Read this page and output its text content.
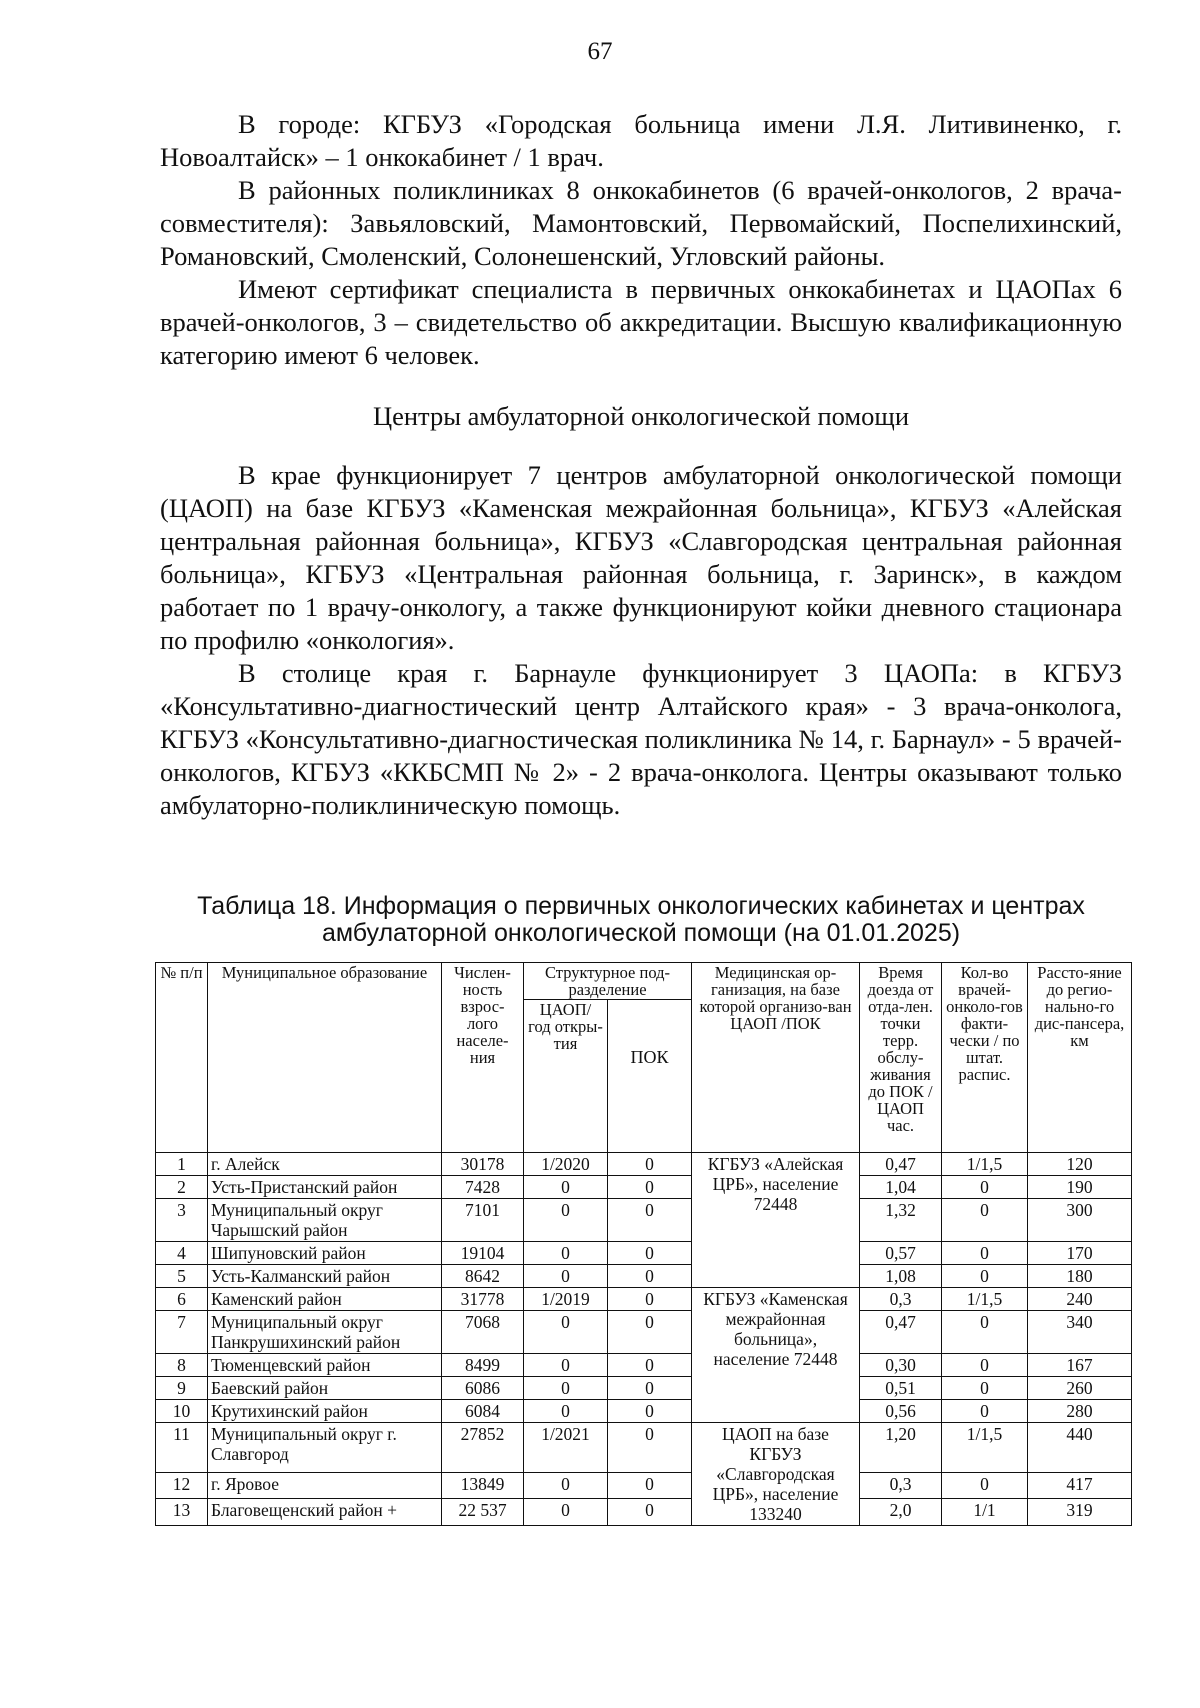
67

В городе: КГБУЗ «Городская больница имени Л.Я. Литивиненко, г. Новоалтайск» – 1 онкокабинет / 1 врач.

В районных поликлиниках 8 онкокабинетов (6 врачей-онкологов, 2 врача-совместителя): Завьяловский, Мамонтовский, Первомайский, Поспелихинский, Романовский, Смоленский, Солонешенский, Угловский районы.

Имеют сертификат специалиста в первичных онкокабинетах и ЦАОПах 6 врачей-онкологов, 3 – свидетельство об аккредитации. Высшую квалификационную категорию имеют 6 человек.

Центры амбулаторной онкологической помощи

В крае функционирует 7 центров амбулаторной онкологической помощи (ЦАОП) на базе КГБУЗ «Каменская межрайонная больница», КГБУЗ «Алейская центральная районная больница», КГБУЗ «Славгородская центральная районная больница», КГБУЗ «Центральная районная больница, г. Заринск», в каждом работает по 1 врачу-онкологу, а также функционируют койки дневного стационара по профилю «онкология».

В столице края г. Барнауле функционирует 3 ЦАОПа: в КГБУЗ «Консультативно-диагностический центр Алтайского края» - 3 врача-онколога, КГБУЗ «Консультативно-диагностическая поликлиника № 14, г. Барнаул» - 5 врачей-онкологов, КГБУЗ «ККБСМП № 2» - 2 врача-онколога. Центры оказывают только амбулаторно-поликлиническую помощь.

Таблица 18. Информация о первичных онкологических кабинетах и центрах
амбулаторной онкологической помощи (на 01.01.2025)
№ п/п	Муниципальное образование	Числен-ность взрос-лого населе-ния	Структурное под-разделение		Медицинская ор-ганизация, на базе которой организо-ван ЦАОП /ПОК	Время доезда от отда-лен. точки терр. обслу-живания до ПОК / ЦАОП час.	Кол-во врачей-онколо-гов факти-чески / по штат. распис.	Рассто-яние до регио-нально-го дис-пансера, км
			ЦАОП/ год откры-тия	ПОК				

1	г. Алейск	30178	1/2020	0	КГБУЗ «Алейская ЦРБ», население 72448	0,47	1/1,5	120
2	Усть-Пристанский район	7428	0	0		1,04	0	190
3	Муниципальный округ Чарышский район	7101	0	0		1,32	0	300
4	Шипуновский район	19104	0	0		0,57	0	170
5	Усть-Калманский район	8642	0	0		1,08	0	180
6	Каменский район	31778	1/2019	0	КГБУЗ «Каменская межрайонная больница», население 72448	0,3	1/1,5	240
7	Муниципальный округ Панкрушихинский район	7068	0	0		0,47	0	340
8	Тюменцевский район	8499	0	0		0,30	0	167
9	Баевский район	6086	0	0		0,51	0	260
10	Крутихинский район	6084	0	0		0,56	0	280
11	Муниципальный округ г. Славгород	27852	1/2021	0	ЦАОП на базе КГБУЗ «Славгородская ЦРБ», население 133240	1,20	1/1,5	440
12	г. Яровое	13849	0	0		0,3	0	417
13	Благовещенский район +	22 537	0	0		2,0	1/1	319
